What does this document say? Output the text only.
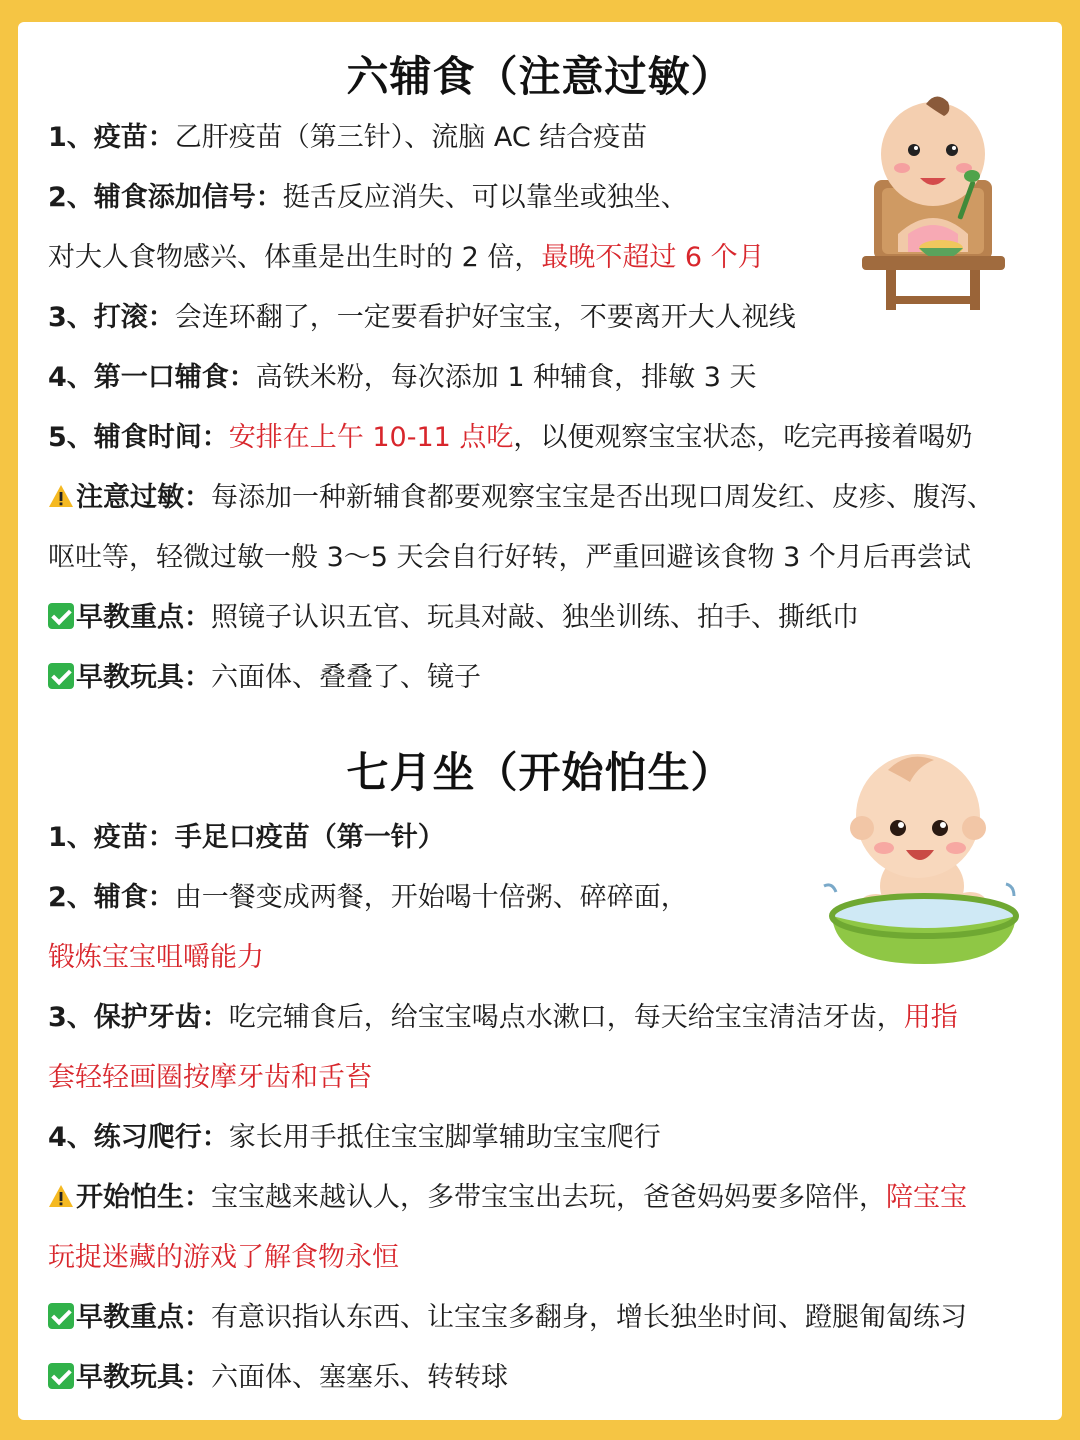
六辅食（注意过敏）

1、疫苗：乙肝疫苗（第三针）、流脑 AC 结合疫苗

2、辅食添加信号：挺舌反应消失、可以靠坐或独坐、

对大人食物感兴、体重是出生时的 2 倍，最晚不超过 6 个月

3、打滚：会连环翻了，一定要看护好宝宝，不要离开大人视线

4、第一口辅食：高铁米粉，每次添加 1 种辅食，排敏 3 天

5、辅食时间：安排在上午 10-11 点吃，以便观察宝宝状态，吃完再接着喝奶

注意过敏：每添加一种新辅食都要观察宝宝是否出现口周发红、皮疹、腹泻、

呕吐等，轻微过敏一般 3～5 天会自行好转，严重回避该食物 3 个月后再尝试

早教重点：照镜子认识五官、玩具对敲、独坐训练、拍手、撕纸巾

早教玩具：六面体、叠叠了、镜子

七月坐（开始怕生）

1、疫苗：手足口疫苗（第一针）

2、辅食：由一餐变成两餐，开始喝十倍粥、碎碎面，

锻炼宝宝咀嚼能力

3、保护牙齿：吃完辅食后，给宝宝喝点水漱口，每天给宝宝清洁牙齿，用指

套轻轻画圈按摩牙齿和舌苔

4、练习爬行：家长用手抵住宝宝脚掌辅助宝宝爬行

开始怕生：宝宝越来越认人，多带宝宝出去玩，爸爸妈妈要多陪伴，陪宝宝

玩捉迷藏的游戏了解食物永恒

早教重点：有意识指认东西、让宝宝多翻身，增长独坐时间、蹬腿匍匐练习

早教玩具：六面体、塞塞乐、转转球
